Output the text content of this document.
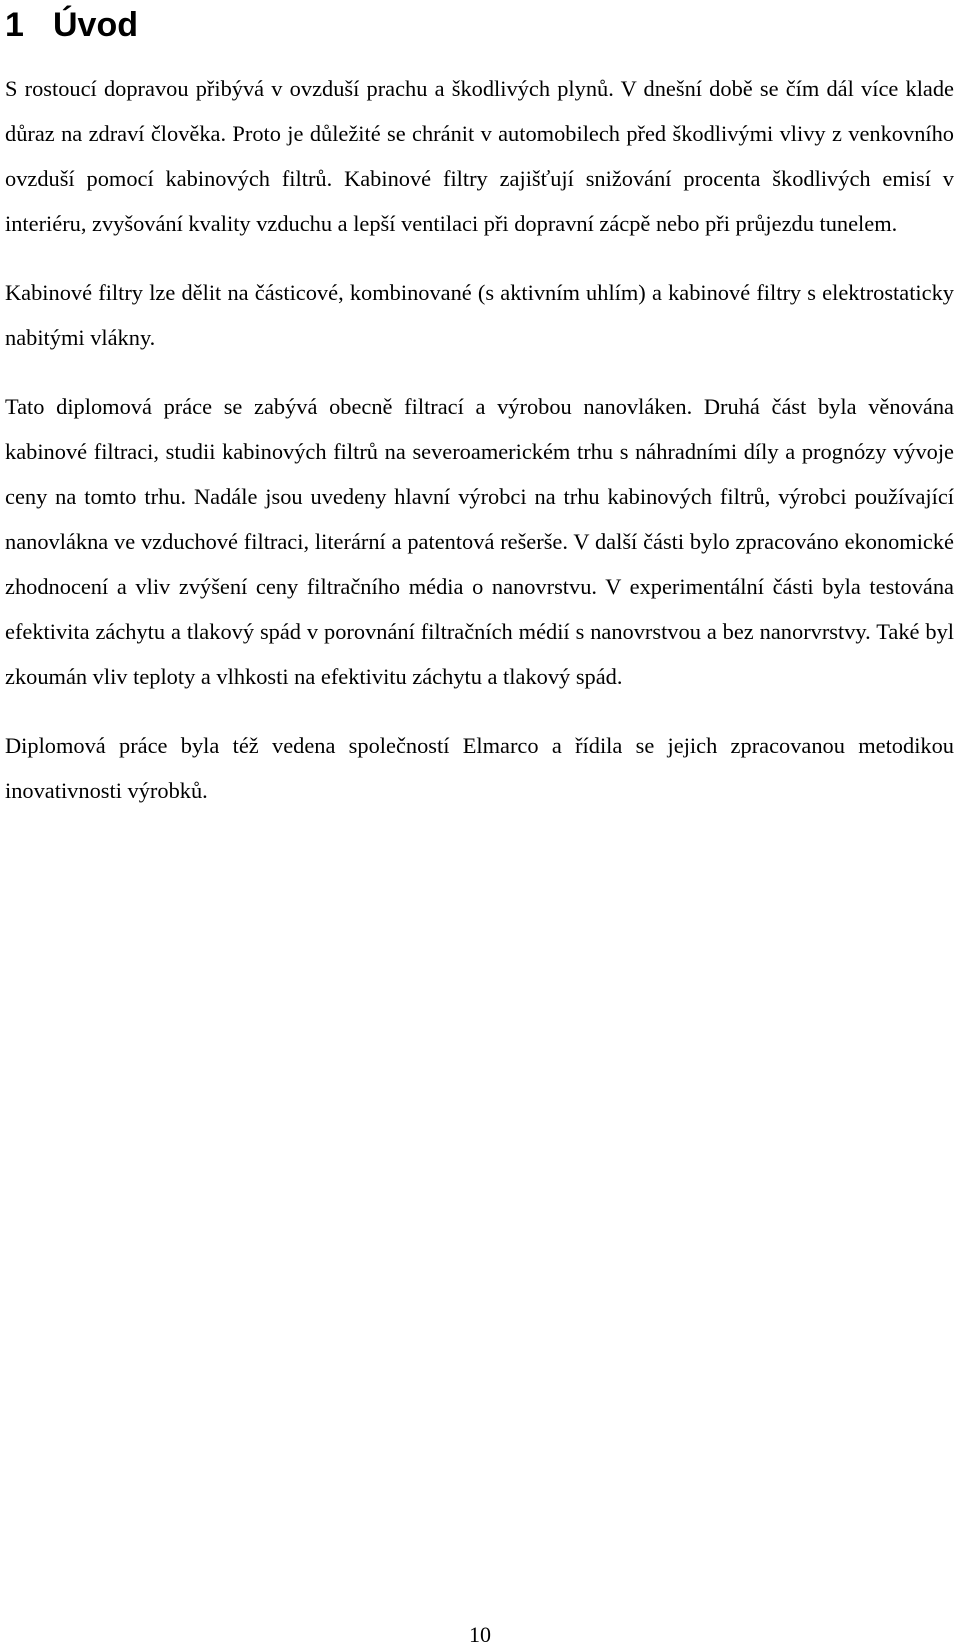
1 Úvod

S rostoucí dopravou přibývá v ovzduší prachu a škodlivých plynů. V dnešní době se čím dál více klade důraz na zdraví člověka. Proto je důležité se chránit v automobilech před škodlivými vlivy z venkovního ovzduší pomocí kabinových filtrů. Kabinové filtry zajišťují snižování procenta škodlivých emisí v interiéru, zvyšování kvality vzduchu a lepší ventilaci při dopravní zácpě nebo při průjezdu tunelem.

Kabinové filtry lze dělit na částicové, kombinované (s aktivním uhlím) a kabinové filtry s elektrostaticky nabitými vlákny.

Tato diplomová práce se zabývá obecně filtrací a výrobou nanovláken. Druhá část byla věnována kabinové filtraci, studii kabinových filtrů na severoamerickém trhu s náhradními díly a prognózy vývoje ceny na tomto trhu. Nadále jsou uvedeny hlavní výrobci na trhu kabinových filtrů, výrobci používající nanovlákna ve vzduchové filtraci, literární a patentová rešerše. V další části bylo zpracováno ekonomické zhodnocení a vliv zvýšení ceny filtračního média o nanovrstvu. V experimentální části byla testována efektivita záchytu a tlakový spád v porovnání filtračních médií s nanovrstvou a bez nanorvrstvy. Také byl zkoumán vliv teploty a vlhkosti na efektivitu záchytu a tlakový spád.

Diplomová práce byla též vedena společností Elmarco a řídila se jejich zpracovanou metodikou inovativnosti výrobků.

10
